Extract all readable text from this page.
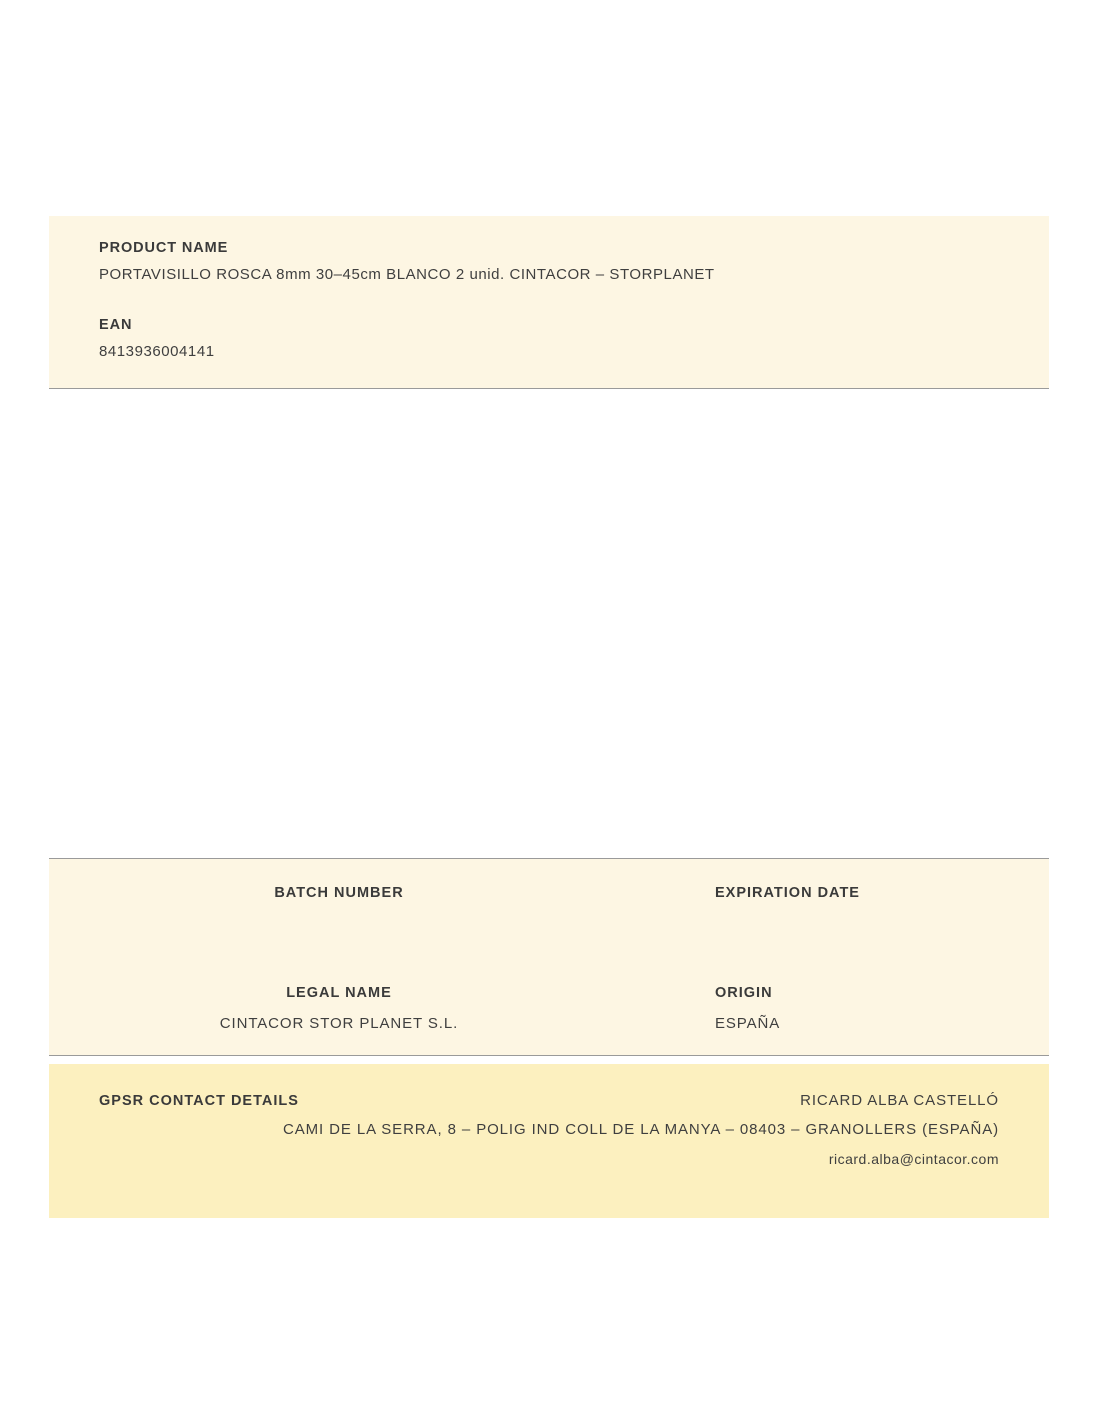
PRODUCT NAME
PORTAVISILLO ROSCA 8mm 30–45cm BLANCO 2 unid. CINTACOR – STORPLANET
EAN
8413936004141
BATCH NUMBER	EXPIRATION DATE
LEGAL NAME
CINTACOR STOR PLANET S.L.
ORIGIN
ESPAÑA
GPSR CONTACT DETAILS	RICARD ALBA CASTELLÓ
CAMI DE LA SERRA, 8 – POLIG IND COLL DE LA MANYA – 08403 – GRANOLLERS (ESPAÑA)
ricard.alba@cintacor.com
